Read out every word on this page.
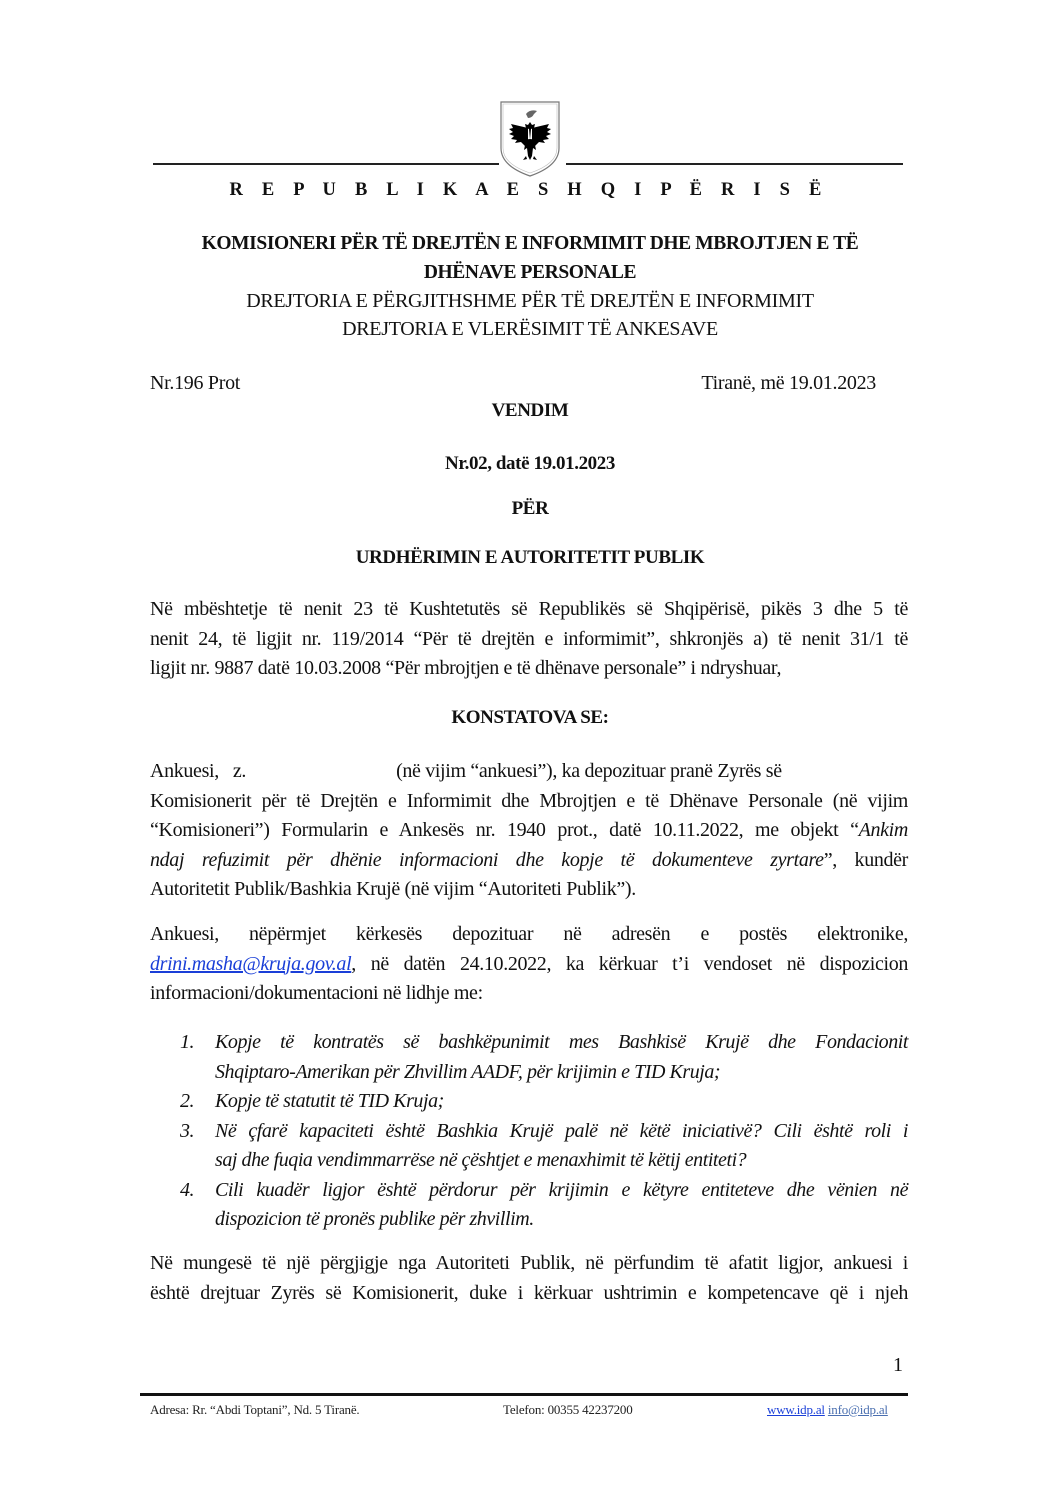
R E P U B L I K A E S H Q I P Ë R I S Ë
KOMISIONERI PËR TË DREJTËN E INFORMIMIT DHE MBROJTJEN E TË
DHËNAVE PERSONALE
DREJTORIA E PËRGJITHSHME PËR TË DREJTËN E INFORMIMIT
DREJTORIA E VLERËSIMIT TË ANKESAVE
Nr.196 Prot	Tiranë, më 19.01.2023
VENDIM
Nr.02, datë 19.01.2023
PËR
URDHËRIMIN E AUTORITETIT PUBLIK
Në mbështetje të nenit 23 të Kushtetutës së Republikës së Shqipërisë, pikës 3 dhe 5 të
nenit 24, të ligjit nr. 119/2014 “Për të drejtën e informimit”, shkronjës a) të nenit 31/1 të
ligjit nr. 9887 datë 10.03.2008 “Për mbrojtjen e të dhënave personale” i ndryshuar,
KONSTATOVA SE:
Ankuesi, z.	(në vijim “ankuesi”), ka depozituar pranë Zyrës së
Komisionerit për të Drejtën e Informimit dhe Mbrojtjen e të Dhënave Personale (në vijim
“Komisioneri”) Formularin e Ankesës nr. 1940 prot., datë 10.11.2022, me objekt “Ankim
ndaj refuzimit për dhënie informacioni dhe kopje të dokumenteve zyrtare”, kundër
Autoritetit Publik/Bashkia Krujë (në vijim “Autoriteti Publik”).
Ankuesi, nëpërmjet kërkesës depozituar në adresën e postës elektronike,
drini.masha@kruja.gov.al, në datën 24.10.2022, ka kërkuar t’i vendoset në dispozicion
informacioni/dokumentacioni në lidhje me:
1. Kopje të kontratës së bashkëpunimit mes Bashkisë Krujë dhe Fondacionit
Shqiptaro-Amerikan për Zhvillim AADF, për krijimin e TID Kruja;
2. Kopje të statutit të TID Kruja;
3. Në çfarë kapaciteti është Bashkia Krujë palë në këtë iniciativë? Cili është roli i
saj dhe fuqia vendimmarrëse në çështjet e menaxhimit të këtij entiteti?
4. Cili kuadër ligjor është përdorur për krijimin e këtyre entiteteve dhe vënien në
dispozicion të pronës publike për zhvillim.
Në mungesë të një përgjigje nga Autoriteti Publik, në përfundim të afatit ligjor, ankuesi i
është drejtuar Zyrës së Komisionerit, duke i kërkuar ushtrimin e kompetencave që i njeh
1
Adresa: Rr. “Abdi Toptani”, Nd. 5 Tiranë.	Telefon: 00355 42237200	www.idp.al info@idp.al
